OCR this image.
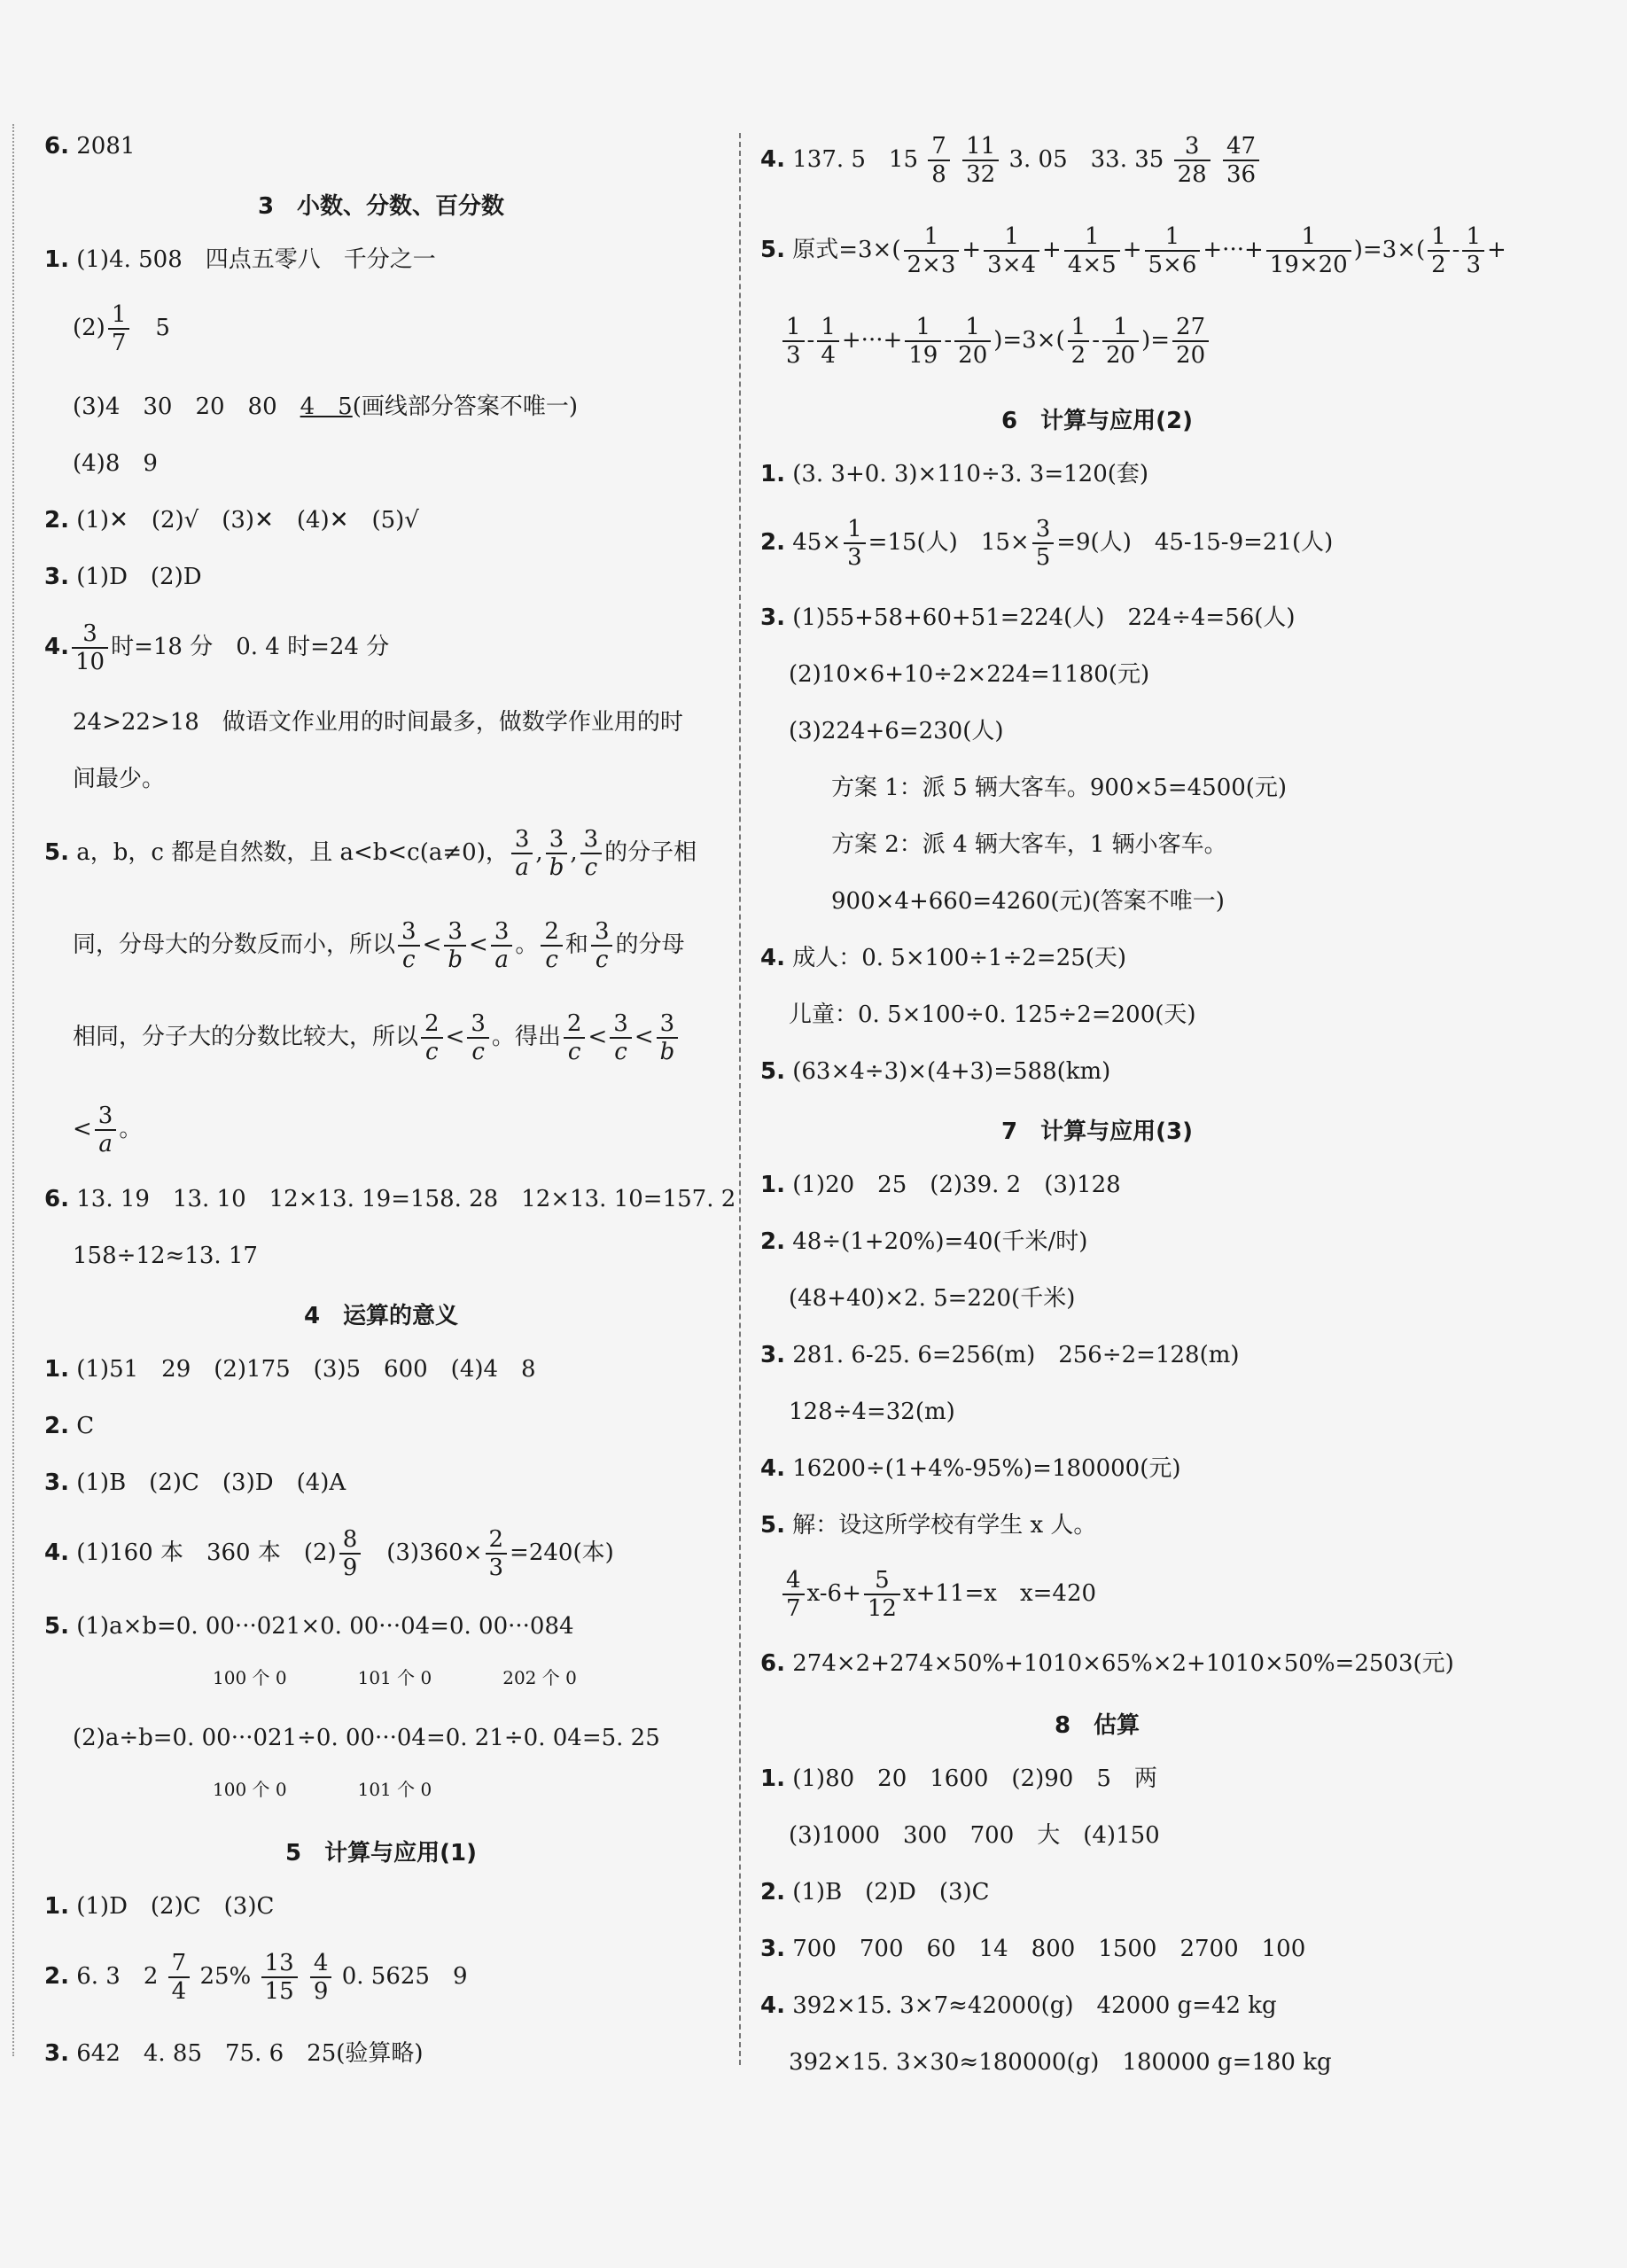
6. 2081
3　小数、分数、百分数
1. (1)4. 508　四点五零八　千分之一
$(2) \frac{1}{7}$
　 5
(3)4　30　20　80　4　5(画线部分答案不唯一)
(4)8　9
2. (1)✕　(2)√　(3)✕　(4)✕　(5)√
3. (1)D　(2)D
4. $\frac{3}{10}$ 时=18 分　0. 4 时=24 分
24>22>18　做语文作业用的时间最多，做数学作业用的时
间最少。
5. a，b，c 都是自然数，且 a<b<c(a≠0)， $\frac{3}{a}$ , $\frac{3}{b}$ , $\frac{3}{c}$ 的分子相
同，分母大的分数反而小，所以 $\frac{3}{c} < \frac{3}{b} < \frac{3}{a}$ 。 $\frac{2}{c}$ 和 $\frac{3}{c}$ 的分母
相同，分子大的分数比较大，所以 $\frac{2}{c} < \frac{3}{c}$ 。得出 $\frac{2}{c} < \frac{3}{c} < \frac{3}{b}$
< $\frac{3}{a}$ 。
6. 13. 19　13. 10　12×13. 19=158. 28　12×13. 10=157. 2
158÷12≈13. 17
4　运算的意义
1. (1)51　29　(2)175　(3)5　600　(4)4　8
2. C
3. (1)B　(2)C　(3)D　(4)A
4. (1)160 本　360 本　$(2) \frac{8}{9}$
　 $(3)360\times \frac{2}{3} =240$(本)
5. (1)a×b=0. 00···021×0. 00···04=0. 00···084
100 个 0　　　　101 个 0　　　　202 个 0
(2)a÷b=0. 00···021÷0. 00···04=0. 21÷0. 04=5. 25
100 个 0　　　　101 个 0
5　计算与应用(1)
1. (1)D　(2)C　(3)C
2. 6. 3　$2 \frac{7}{4} 25\% \frac{13}{15}$
$\frac{4}{9} 0$. 5625　9
3. 642　4. 85　75. 6　25(验算略)
4. 137. 5　$15 \frac{7}{8}$
$\frac{11}{32} 3$. 05　33. $35 \frac{3}{28}$
$\frac{47}{36}$
5. 原式$=3\times( \frac{1}{2\times 3} + \frac{1}{3\times 4} + \frac{1}{4\times 5} + \frac{1}{5\times 6}$ +···+ $\frac{1}{19\times 20} )=3\times( \frac{1}{2} - \frac{1}{3}$ +
$\frac{1}{3} - \frac{1}{4}$ +···+ $\frac{1}{19} - \frac{1}{20} )=3\times( \frac{1}{2} - \frac{1}{20}$ )= $\frac{27}{20}$
6　计算与应用(2)
1. (3. 3+0. 3)×110÷3. 3=120(套)
2. $45\times \frac{1}{3} =15$(人)　$15\times \frac{3}{5} =9$(人)　45-15-9=21(人)
3. (1)55+58+60+51=224(人)　224÷4=56(人)
(2)10×6+10÷2×224=1180(元)
(3)224+6=230(人)
方案 1：派 5 辆大客车。900×5=4500(元)
方案 2：派 4 辆大客车，1 辆小客车。
900×4+660=4260(元)(答案不唯一)
4. 成人：0. 5×100÷1÷2=25(天)
儿童：0. 5×100÷0. 125÷2=200(天)
5. (63×4÷3)×(4+3)=588(km)
7　计算与应用(3)
1. (1)20　25　(2)39. 2　(3)128
2. 48÷(1+20%)=40(千米/时)
(48+40)×2. 5=220(千米)
3. 281. 6-25. 6=256(m)　256÷2=128(m)
128÷4=32(m)
4. 16200÷(1+4%-95%)=180000(元)
5. 解：设这所学校有学生 x 人。
$\frac{4}{7} x-6+ \frac{5}{12} x+11=x$　x=420
6. 274×2+274×50%+1010×65%×2+1010×50%=2503(元)
8　估算
1. (1)80　20　1600　(2)90　5　两
(3)1000　300　700　大　(4)150
2. (1)B　(2)D　(3)C
3. 700　700　60　14　800　1500　2700　100
4. 392×15. 3×7≈42000(g)　42000 g=42 kg
392×15. 3×30≈180000(g)　180000 g=180 kg
